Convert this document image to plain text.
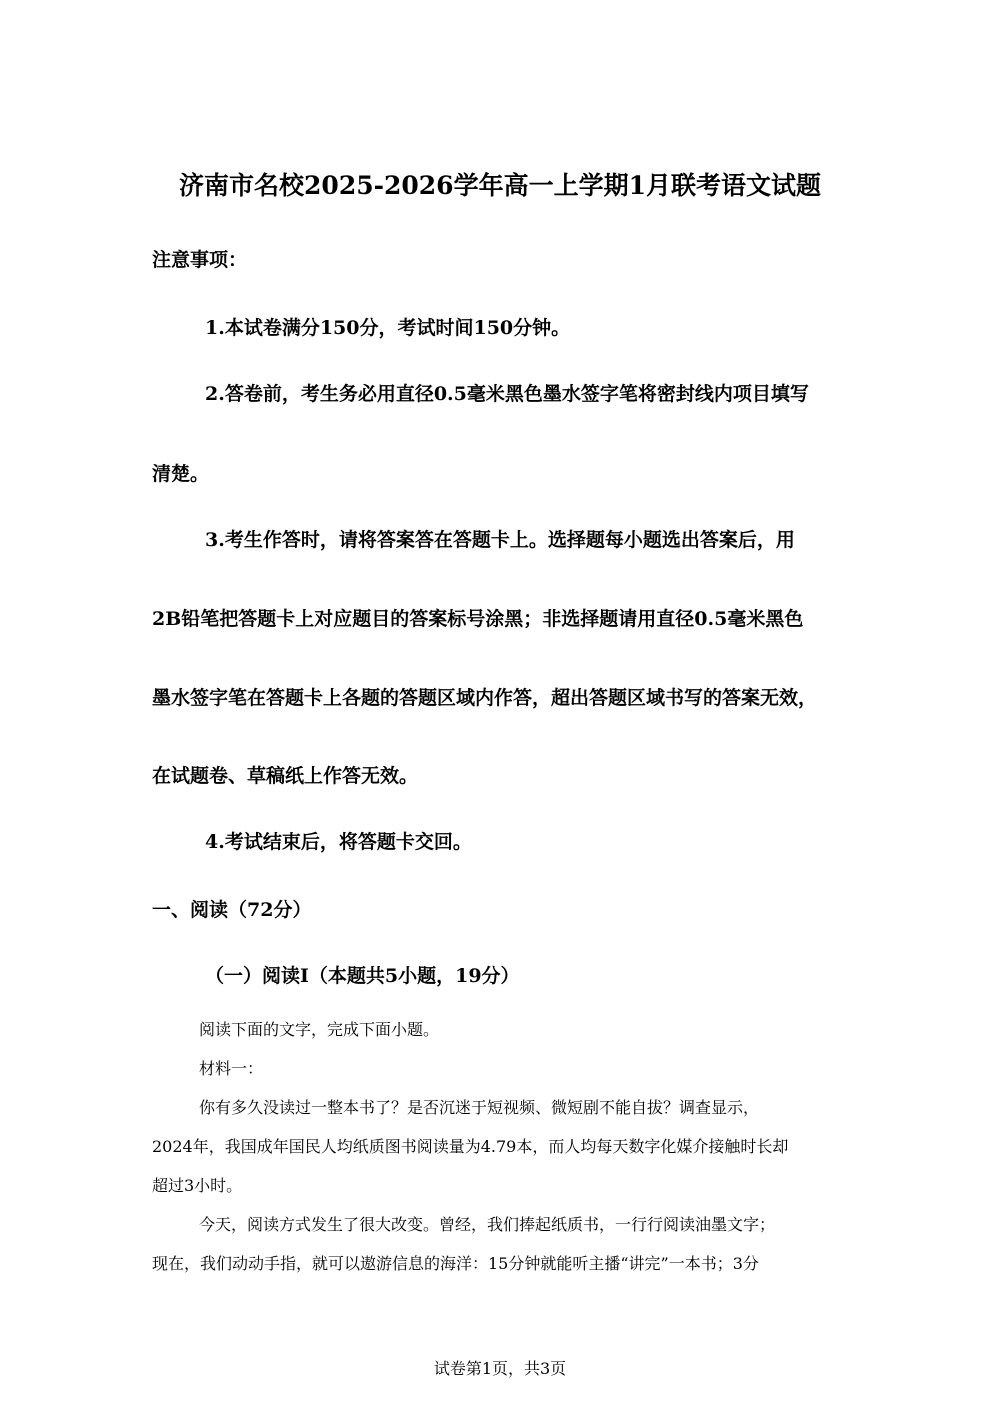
济南市名校2025-2026学年高一上学期1月联考语文试题
注意事项：
1.本试卷满分150分，考试时间150分钟。
2.答卷前，考生务必用直径0.5毫米黑色墨水签字笔将密封线内项目填写
清楚。
3.考生作答时，请将答案答在答题卡上。选择题每小题选出答案后，用
2B铅笔把答题卡上对应题目的答案标号涂黑；非选择题请用直径0.5毫米黑色
墨水签字笔在答题卡上各题的答题区域内作答，超出答题区域书写的答案无效，
在试题卷、草稿纸上作答无效。
4.考试结束后，将答题卡交回。
一、阅读（72分）
（一）阅读I（本题共5小题，19分）
阅读下面的文字，完成下面小题。
材料一：
你有多久没读过一整本书了？是否沉迷于短视频、微短剧不能自拔？调查显示，
2024年，我国成年国民人均纸质图书阅读量为4.79本，而人均每天数字化媒介接触时长却
超过3小时。
今天，阅读方式发生了很大改变。曾经，我们捧起纸质书，一行行阅读油墨文字；
现在，我们动动手指，就可以遨游信息的海洋：15分钟就能听主播“讲完”一本书；3分
试卷第1页，共3页
